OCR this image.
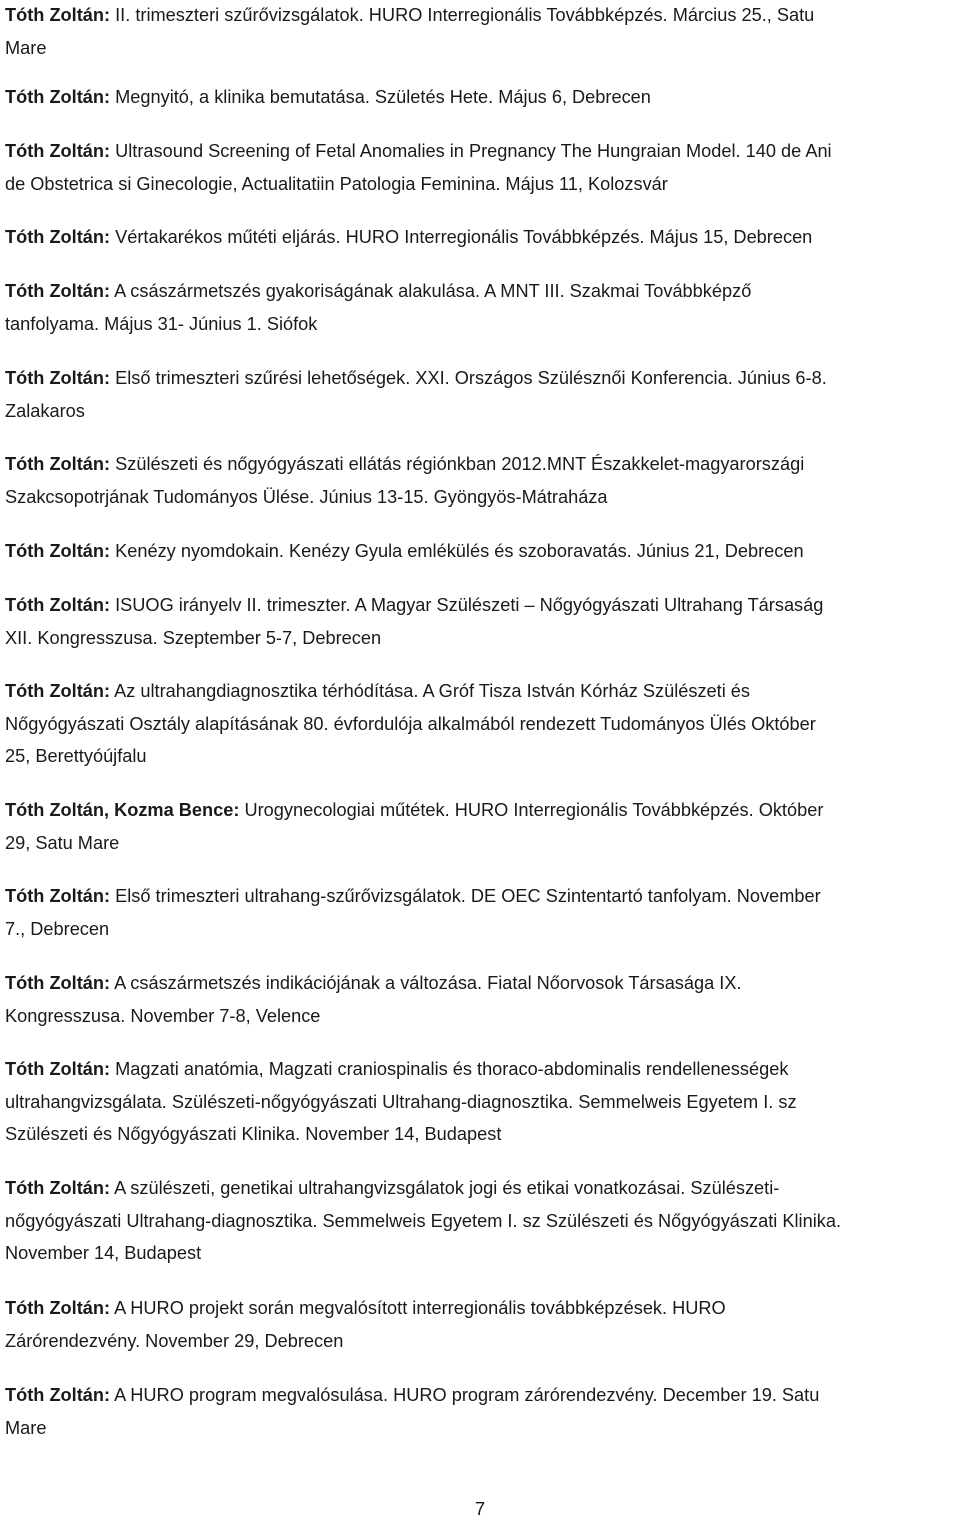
Tóth Zoltán: II. trimeszteri szűrővizsgálatok. HURO Interregionális Továbbképzés. Március 25., Satu
Mare
Tóth Zoltán: Megnyitó, a klinika bemutatása. Születés Hete. Május 6, Debrecen
Tóth Zoltán: Ultrasound Screening of Fetal Anomalies in Pregnancy The Hungraian Model. 140 de Ani
de Obstetrica si Ginecologie, Actualitatiin Patologia Feminina. Május 11, Kolozsvár
Tóth Zoltán: Vértakarékos műtéti eljárás. HURO Interregionális Továbbképzés. Május 15, Debrecen
Tóth Zoltán: A császármetszés gyakoriságának alakulása. A MNT III. Szakmai Továbbképző
tanfolyama. Május 31- Június 1. Siófok
Tóth Zoltán: Első trimeszteri szűrési lehetőségek. XXI. Országos Szülésznői Konferencia. Június 6-8.
Zalakaros
Tóth Zoltán: Szülészeti és nőgyógyászati ellátás régiónkban 2012.MNT Északkelet-magyarországi
Szakcsopotrjának Tudományos Ülése. Június 13-15. Gyöngyös-Mátraháza
Tóth Zoltán: Kenézy nyomdokain. Kenézy Gyula emlékülés és szoboravatás. Június 21, Debrecen
Tóth Zoltán: ISUOG irányelv II. trimeszter. A Magyar Szülészeti – Nőgyógyászati Ultrahang Társaság
XII. Kongresszusa. Szeptember 5-7, Debrecen
Tóth Zoltán: Az ultrahangdiagnosztika térhódítása. A Gróf Tisza István Kórház Szülészeti és
Nőgyógyászati Osztály alapításának 80. évfordulója alkalmából rendezett Tudományos Ülés Október
25, Berettyóújfalu
Tóth Zoltán, Kozma Bence: Urogynecologiai műtétek. HURO Interregionális Továbbképzés. Október
29, Satu Mare
Tóth Zoltán: Első trimeszteri ultrahang-szűrővizsgálatok. DE OEC Szintentartó tanfolyam. November
7., Debrecen
Tóth Zoltán: A császármetszés indikációjának a változása. Fiatal Nőorvosok Társasága IX.
Kongresszusa. November 7-8, Velence
Tóth Zoltán: Magzati anatómia, Magzati craniospinalis és thoraco-abdominalis rendellenességek
ultrahangvizsgálata. Szülészeti-nőgyógyászati Ultrahang-diagnosztika. Semmelweis Egyetem I. sz
Szülészeti és Nőgyógyászati Klinika. November 14, Budapest
Tóth Zoltán: A szülészeti, genetikai ultrahangvizsgálatok jogi és etikai vonatkozásai. Szülészeti-
nőgyógyászati Ultrahang-diagnosztika. Semmelweis Egyetem I. sz Szülészeti és Nőgyógyászati Klinika.
November 14, Budapest
Tóth Zoltán: A HURO projekt során megvalósított interregionális továbbképzések. HURO
Zárórendezvény. November 29, Debrecen
Tóth Zoltán: A HURO program megvalósulása. HURO program zárórendezvény. December 19. Satu
Mare
7
